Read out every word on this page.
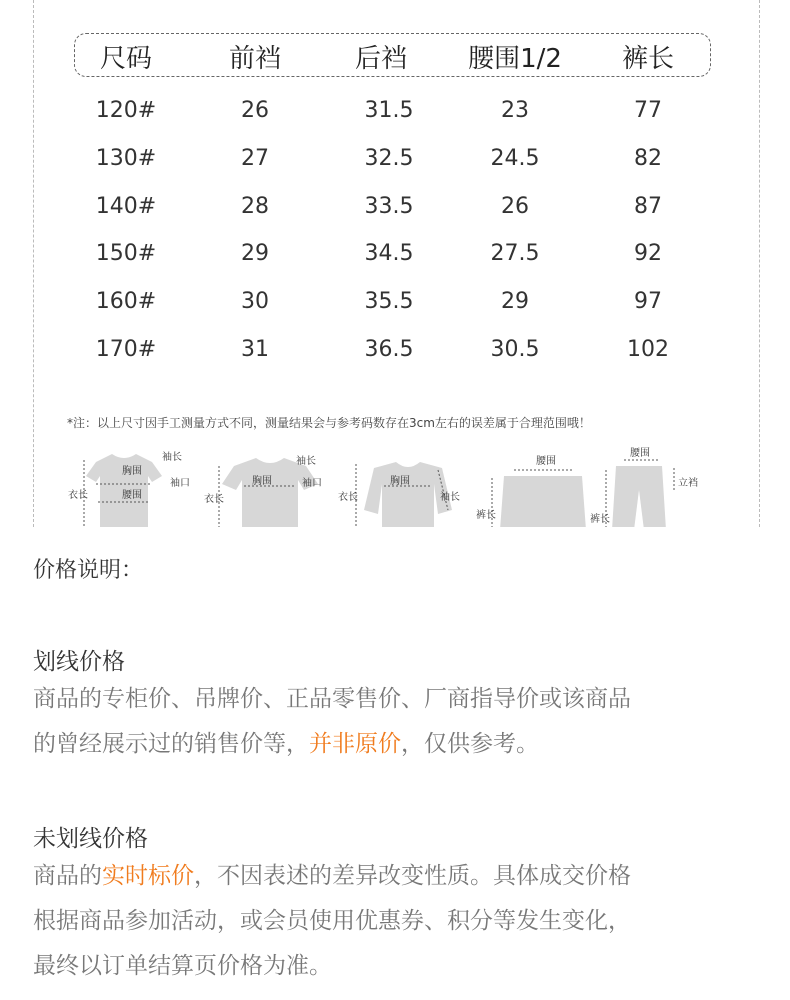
尺码	前裆	后裆	腰围1/2	裤长
120#	26	31.5	23	77
130#	27	32.5	24.5	82
140#	28	33.5	26	87
150#	29	34.5	27.5	92
160#	30	35.5	29	97
170#	31	36.5	30.5	102
*注：以上尺寸因手工测量方式不同，测量结果会与参考码数存在3cm左右的误差属于合理范围哦！
胸围
袖长
袖口
衣长	腰围
袖长
胸围	袖口
衣长
胸围
衣长	袖长
腰围
裤长
腰围
立裆
裤长
价格说明：
划线价格
商品的专柜价、吊牌价、正品零售价、厂商指导价或该商品
的曾经展示过的销售价等，并非原价，仅供参考。
未划线价格
商品的实时标价，不因表述的差异改变性质。具体成交价格
根据商品参加活动，或会员使用优惠券、积分等发生变化，
最终以订单结算页价格为准。
